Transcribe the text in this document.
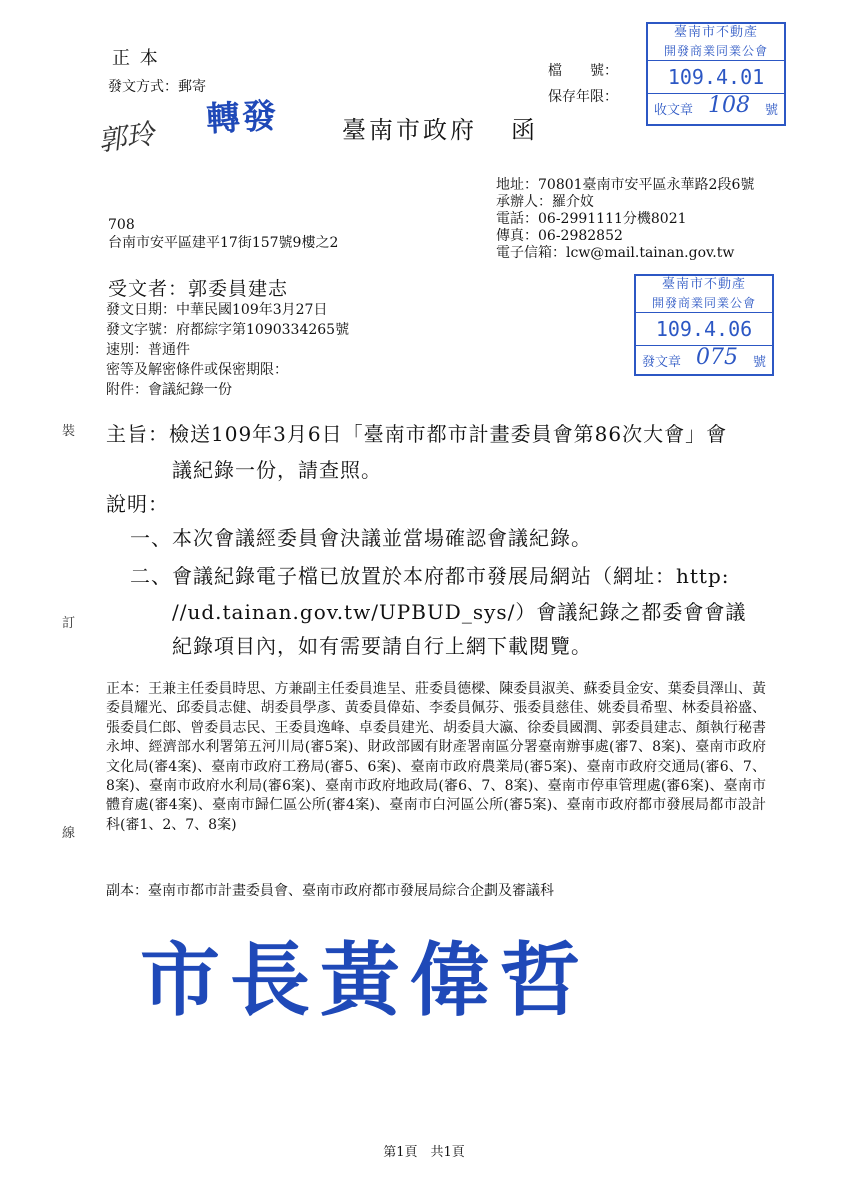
正 本
發文方式：郵寄
轉發
郭玲
檔　　號：
保存年限：
臺南市政府 函
臺南市不動產
開發商業同業公會
109.4.01
收文章 108 號
地址：70801臺南市安平區永華路2段6號
承辦人：羅介妏
電話：06-2991111分機8021
傳真：06-2982852
電子信箱：lcw@mail.tainan.gov.tw
708
台南市安平區建平17街157號9樓之2
臺南市不動產
開發商業同業公會
109.4.06
發文章 075 號
受文者：郭委員建志
發文日期：中華民國109年3月27日
發文字號：府都綜字第1090334265號
速別：普通件
密等及解密條件或保密期限：
附件：會議紀錄一份
裝
訂
線
主旨：檢送109年3月6日「臺南市都市計畫委員會第86次大會」會
議紀錄一份，請查照。
說明：
一、本次會議經委員會決議並當場確認會議紀錄。
二、會議紀錄電子檔已放置於本府都市發展局網站（網址：http:
//ud.tainan.gov.tw/UPBUD_sys/）會議紀錄之都委會會議
紀錄項目內，如有需要請自行上網下載閱覽。
正本：王兼主任委員時思、方兼副主任委員進呈、莊委員德樑、陳委員淑美、蘇委員金安、葉委員澤山、黃委員耀光、邱委員志健、胡委員學彥、黃委員偉茹、李委員佩芬、張委員慈佳、姚委員希聖、林委員裕盛、張委員仁郎、曾委員志民、王委員逸峰、卓委員建光、胡委員大瀛、徐委員國潤、郭委員建志、顏執行秘書永坤、經濟部水利署第五河川局(審5案)、財政部國有財產署南區分署臺南辦事處(審7、8案)、臺南市政府文化局(審4案)、臺南市政府工務局(審5、6案)、臺南市政府農業局(審5案)、臺南市政府交通局(審6、7、8案)、臺南市政府水利局(審6案)、臺南市政府地政局(審6、7、8案)、臺南市停車管理處(審6案)、臺南市體育處(審4案)、臺南市歸仁區公所(審4案)、臺南市白河區公所(審5案)、臺南市政府都市發展局都市設計科(審1、2、7、8案)
副本：臺南市都市計畫委員會、臺南市政府都市發展局綜合企劃及審議科
市長黃偉哲
第1頁　共1頁
